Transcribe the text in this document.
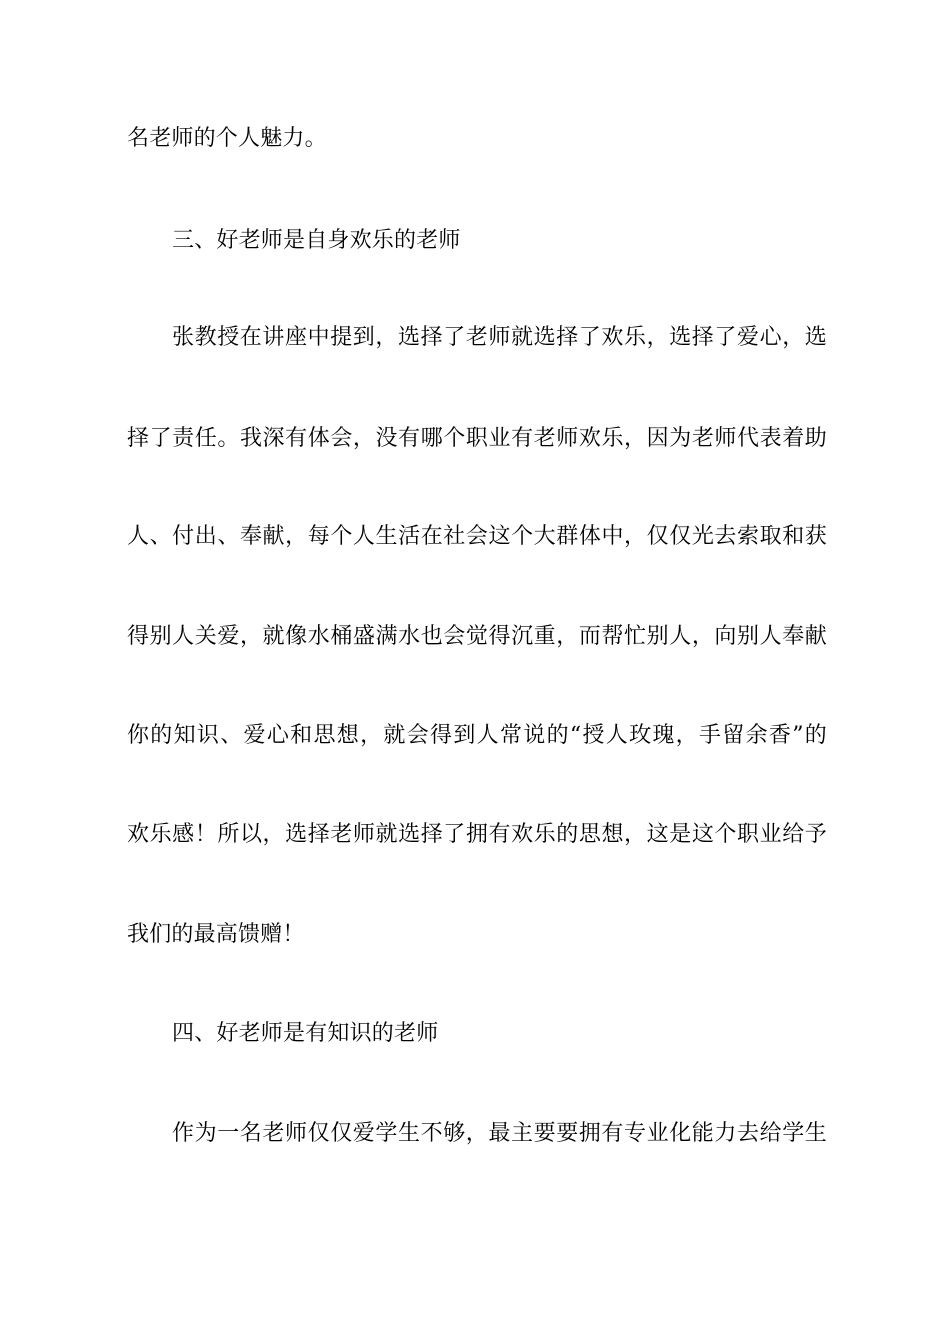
名老师的个人魅力。
三、好老师是自身欢乐的老师
张教授在讲座中提到，选择了老师就选择了欢乐，选择了爱心，选
择了责任。我深有体会，没有哪个职业有老师欢乐，因为老师代表着助
人、付出、奉献，每个人生活在社会这个大群体中，仅仅光去索取和获
得别人关爱，就像水桶盛满水也会觉得沉重，而帮忙别人，向别人奉献
你的知识、爱心和思想，就会得到人常说的“授人玫瑰，手留余香”的
欢乐感！所以，选择老师就选择了拥有欢乐的思想，这是这个职业给予
我们的最高馈赠！
四、好老师是有知识的老师
作为一名老师仅仅爱学生不够，最主要要拥有专业化能力去给学生
